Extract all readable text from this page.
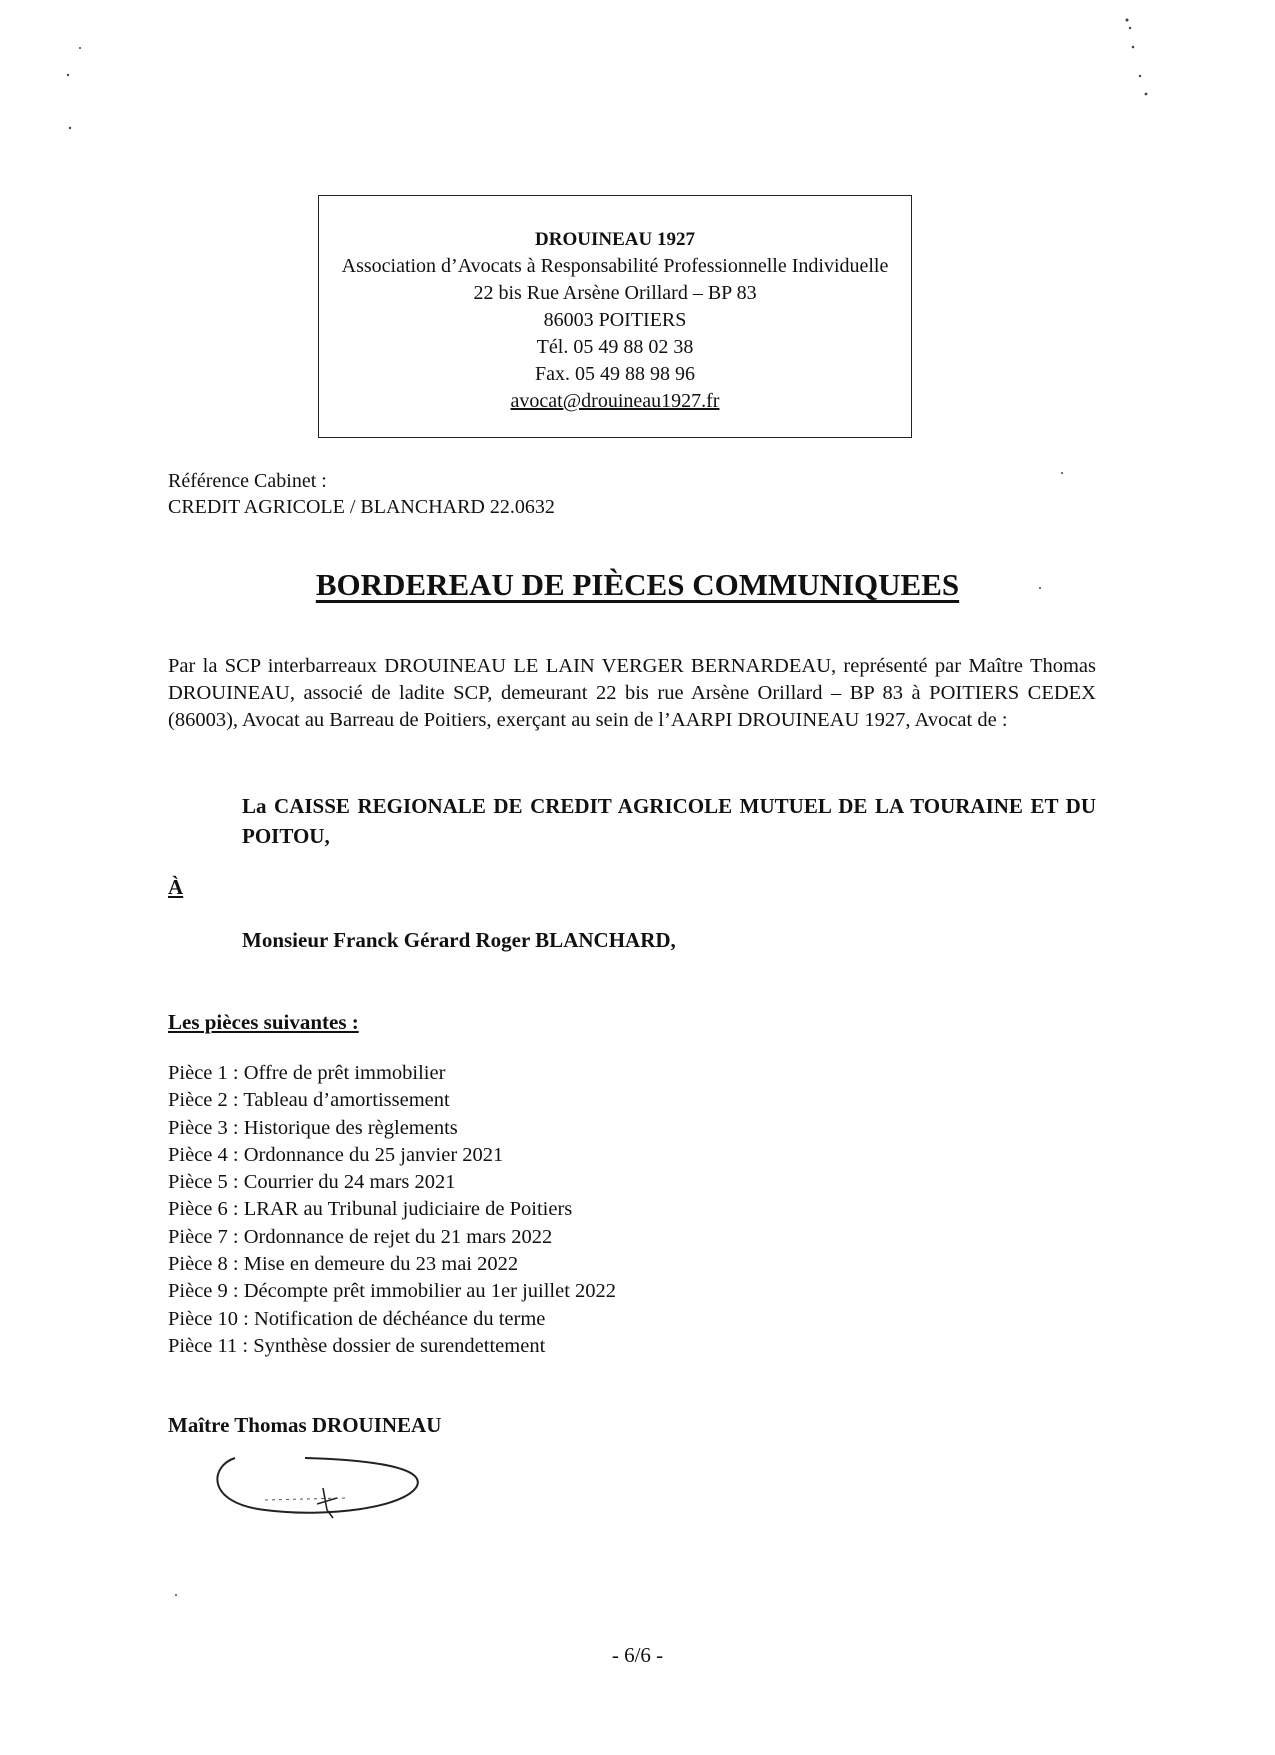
DROUINEAU 1927
Association d’Avocats à Responsabilité Professionnelle Individuelle
22 bis Rue Arsène Orillard – BP 83
86003 POITIERS
Tél. 05 49 88 02 38
Fax. 05 49 88 98 96
avocat@drouineau1927.fr
Référence Cabinet :
CREDIT AGRICOLE / BLANCHARD 22.0632
BORDEREAU DE PIÈCES COMMUNIQUEES
Par la SCP interbarreaux DROUINEAU LE LAIN VERGER BERNARDEAU, représenté par Maître Thomas DROUINEAU, associé de ladite SCP, demeurant 22 bis rue Arsène Orillard – BP 83 à POITIERS CEDEX (86003), Avocat au Barreau de Poitiers, exerçant au sein de l’AARPI DROUINEAU 1927, Avocat de :
La CAISSE REGIONALE DE CREDIT AGRICOLE MUTUEL DE LA TOURAINE ET DU POITOU,
À
Monsieur Franck Gérard Roger BLANCHARD,
Les pièces suivantes :
Pièce 1 : Offre de prêt immobilier
Pièce 2 : Tableau d’amortissement
Pièce 3 : Historique des règlements
Pièce 4 : Ordonnance du 25 janvier 2021
Pièce 5 : Courrier du 24 mars 2021
Pièce 6 : LRAR au Tribunal judiciaire de Poitiers
Pièce 7 : Ordonnance de rejet du 21 mars 2022
Pièce 8 : Mise en demeure du 23 mai 2022
Pièce 9 : Décompte prêt immobilier au 1er juillet 2022
Pièce 10 : Notification de déchéance du terme
Pièce 11 : Synthèse dossier de surendettement
Maître Thomas DROUINEAU
- 6/6 -
